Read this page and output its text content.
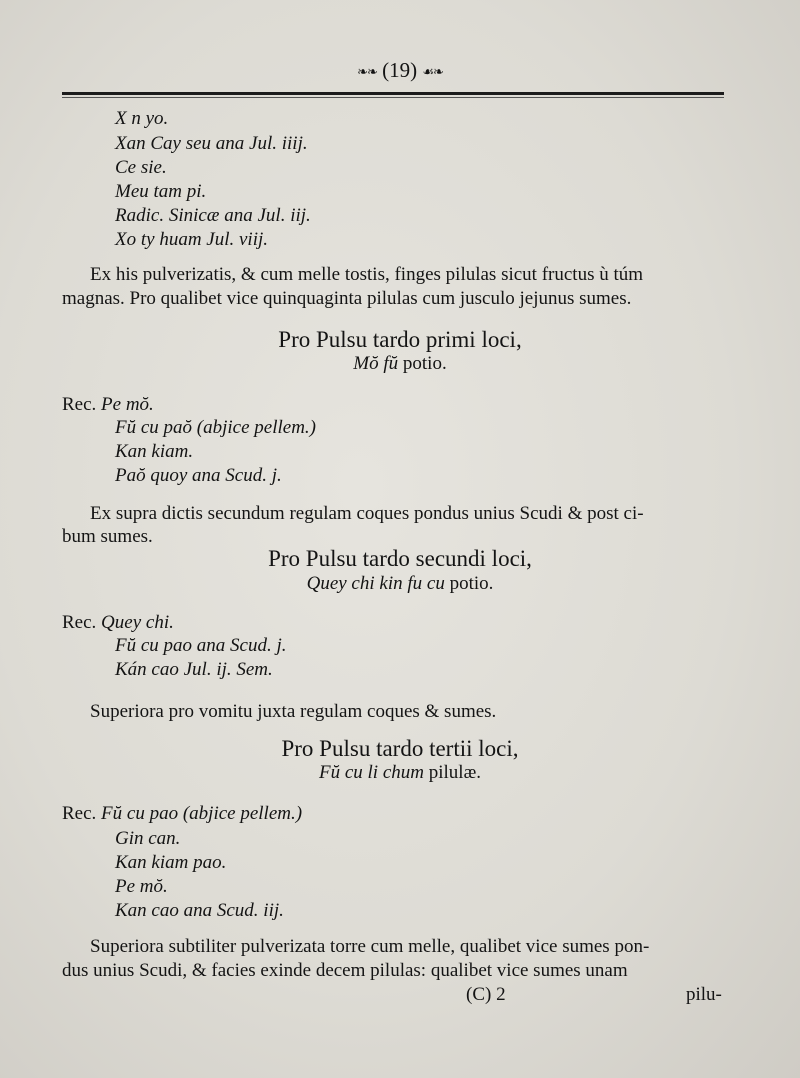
❧❧ (19) ☙❧
X n yo.
Xan Cay seu ana Jul. iiij.
Ce sie.
Meu tam pi.
Radic. Sinicæ ana Jul. iij.
Xo ty huam Jul. viij.
Ex his pulverizatis, & cum melle tostis, finges pilulas sicut fructus ù túm
magnas. Pro qualibet vice quinquaginta pilulas cum jusculo jejunus sumes.
Pro Pulsu tardo primi loci,
Mŏ fŭ potio.
Rec. Pe mŏ.
Fŭ cu paŏ (abjice pellem.)
Kan kiam.
Paŏ quoy ana Scud. j.
Ex supra dictis secundum regulam coques pondus unius Scudi & post ci-
bum sumes.
Pro Pulsu tardo secundi loci,
Quey chi kin fu cu potio.
Rec. Quey chi.
Fŭ cu pao ana Scud. j.
Kán cao Jul. ij. Sem.
Superiora pro vomitu juxta regulam coques & sumes.
Pro Pulsu tardo tertii loci,
Fŭ cu li chum pilulæ.
Rec. Fŭ cu pao (abjice pellem.)
Gin can.
Kan kiam pao.
Pe mŏ.
Kan cao ana Scud. iij.
Superiora subtiliter pulverizata torre cum melle, qualibet vice sumes pon-
dus unius Scudi, & facies exinde decem pilulas: qualibet vice sumes unam
(C) 2	pilu-
